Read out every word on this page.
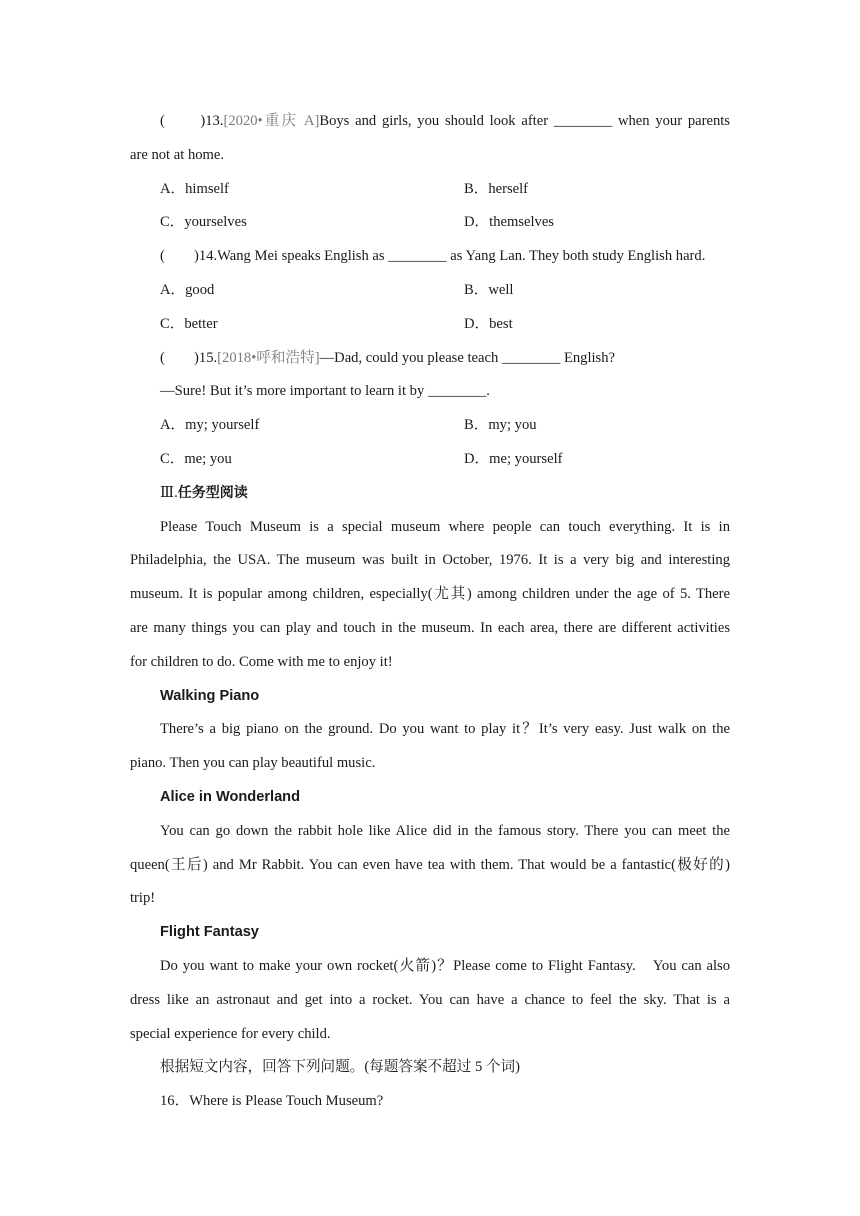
(　　)13.[2020•重庆 A]Boys and girls, you should look after ________ when your parents
are not at home.
A．himself	B．herself
C．yourselves	D．themselves
(　　)14.Wang Mei speaks English as ________ as Yang Lan. They both study English hard.
A．good	B．well
C．better	D．best
(　　)15.[2018•呼和浩特]—Dad, could you please teach ________ English?
—Sure! But it’s more important to learn it by ________.
A．my; yourself	B．my; you
C．me; you	D．me; yourself
Ⅲ.任务型阅读
Please Touch Museum is a special museum where people can touch everything. It is in
Philadelphia, the USA. The museum was built in October, 1976. It is a very big and interesting
museum. It is popular among children, especially(尤其) among children under the age of 5. There
are many things you can play and touch in the museum. In each area, there are different activities
for children to do. Come with me to enjoy it!
Walking Piano
There’s a big piano on the ground. Do you want to play it？It’s very easy. Just walk on the
piano. Then you can play beautiful music.
Alice in Wonderland
You can go down the rabbit hole like Alice did in the famous story. There you can meet the
queen(王后) and Mr Rabbit. You can even have tea with them. That would be a fantastic(极好的)
trip!
Flight Fantasy
Do you want to make your own rocket(火箭)？Please come to Flight Fantasy.　You can also
dress like an astronaut and get into a rocket. You can have a chance to feel the sky. That is a
special experience for every child.
根据短文内容，回答下列问题。(每题答案不超过 5 个词)
16．Where is Please Touch Museum?
